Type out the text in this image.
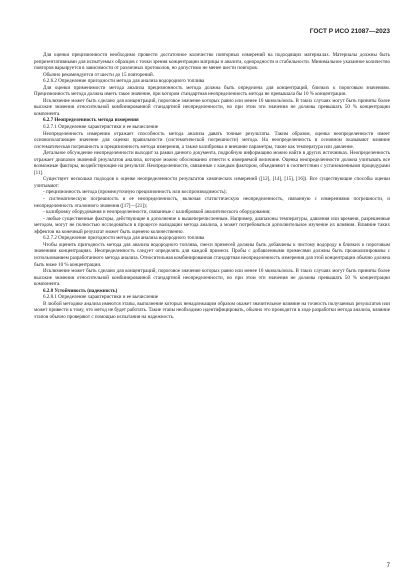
ГОСТ Р ИСО 21087—2023

Для оценки прецизионности необходимо провести достаточное количество повторных измерений на подходящих материалах. Материалы должны быть репрезентативными для испытуемых образцов с точки зрения концентрации матрицы и аналита, однородности и стабильности. Минимальное указанное количество повторов варьируется в зависимости от различных протоколов, но допустимо не менее шести повторов.

Обычно рекомендуется от шести до 15 повторений.

6.2.6.2 Определение пригодности метода для анализа водородного топлива

Для оценки применимости метода анализа прецизионность метода должна быть определена для концентраций, близких к пороговым значениям. Прецизионность метода должна иметь такое значение, при котором стандартная неопределенность метода не превышала бы 10 % концентрации.

Исключение может быть сделано для концентраций, пороговое значение которых равно или менее 10 мкмоль/моль. В таких случаях могут быть приняты более высокие значения относительной комбинированной стандартной неопределенности, но при этом эти значения не должны превышать 50 % концентрации компонента.

6.2.7 Неопределенность метода измерения

6.2.7.1 Определение характеристики и ее вычисление

Неопределенность измерения отражает способность метода анализа давать точные результаты. Таким образом, оценка неопределенности имеет основополагающее значение для оценки правильности (систематической погрешности) метода. На неопределенность в основном оказывают влияние систематическая погрешность и прецизионность метода измерения, а также калибровка и внешние параметры, такие как температура или давление.

Детальное обсуждение неопределенности выходит за рамки данного документа, подробную информацию можно найти в других источниках. Неопределенность отражает диапазон значений результатов анализа, которое можно обоснованно отнести к измеряемой величине. Оценка неопределенности должна учитывать все возможные факторы, воздействующие на результат. Неопределенности, связанные с каждым фактором, объединяют в соответствии с установленными процедурами [11].

Существует несколько подходов к оценке неопределенности результатов химических измерений ([12], [14], [15], [16]). Все существующие способы оценки учитывают:

- прецизионность метода (промежуточную прецизионность или воспроизводимость);

- систематическую погрешность и ее неопределенность, включая статистическую неопределенность, связанную с измерениями погрешности, и неопределенность эталонного значения ([17]—[21]);

- калибровку оборудования и неопределенности, связанные с калибровкой аналитического оборудования;

- любые существенные факторы, действующие в дополнение к вышеперечисленным. Например, диапазоны температуры, давления или времени, разрешенные методом, могут не полностью исследоваться в процессе валидации метода анализа, а может потребоваться дополнительное изучение их влияния. Влияние таких эффектов на конечный результат может быть оценено количественно.

6.2.7.2 Определение пригодности метода для анализа водородного топлива

Чтобы оценить пригодность метода для анализа водородного топлива, смеси примесей должны быть добавлены к чистому водороду в близких к пороговым значениям концентрациях. Неопределенность следует определять для каждой примеси. Пробы с добавленными примесями должны быть проанализированы с использованием разработанного метода анализа. Относительная комбинированная стандартная неопределенность измерения для этой концентрации обычно должна быть ниже 10 % концентрации.

Исключение может быть сделано для концентраций, пороговое значение которых равно или менее 10 мкмоль/моль. В таких случаях могут быть приняты более высокие значения относительной комбинированной стандартной неопределенности, но при этом эти значения не должны превышать 50 % концентрации компонента.

6.2.8 Устойчивость (надежность)

6.2.8.1 Определение характеристики и ее вычисление

В любой методике анализа имеются этапы, выполнение которых ненадлежащим образом окажет значительное влияние на точность получаемых результатов или может привести к тому, что метод не будет работать. Такие этапы необходимо идентифицировать, обычно это проводится в ходе разработки метода анализа, влияние этапов обычно проверяют с помощью испытания на надежность.

7
